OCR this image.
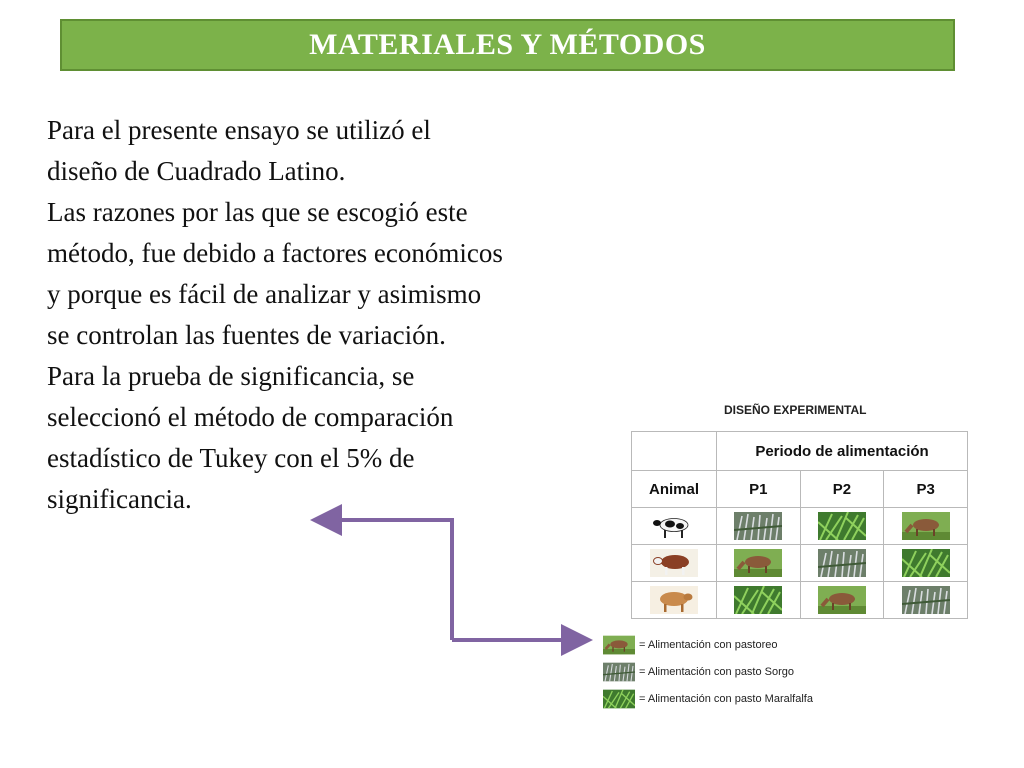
MATERIALES Y MÉTODOS

Para el presente ensayo se utilizó el
diseño de Cuadrado Latino.
Las razones por las que se escogió este
método, fue debido a factores económicos
y porque es fácil de analizar y asimismo
se controlan las fuentes de variación.
Para la prueba de significancia, se
seleccionó el método de comparación
estadístico de Tukey con el 5% de
significancia.

DISEÑO EXPERIMENTAL
	Periodo de alimentación		
Animal	P1	P2	P3

= Alimentación con pastoreo
= Alimentación con pasto Sorgo
= Alimentación con pasto Maralfalfa
